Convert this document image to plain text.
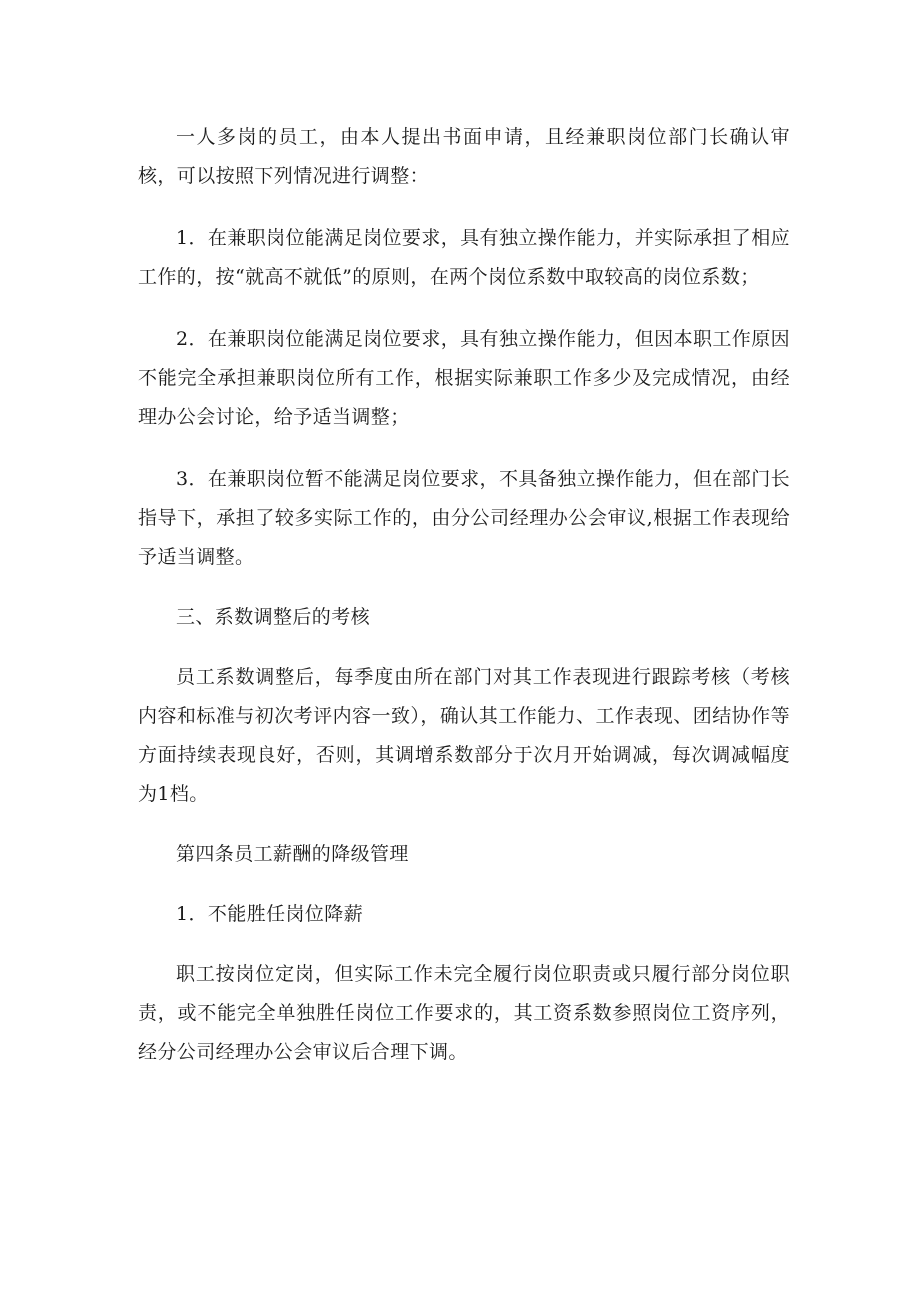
一人多岗的员工，由本人提出书面申请，且经兼职岗位部门长确认审核，可以按照下列情况进行调整：

1．在兼职岗位能满足岗位要求，具有独立操作能力，并实际承担了相应工作的，按“就高不就低”的原则，在两个岗位系数中取较高的岗位系数；

2．在兼职岗位能满足岗位要求，具有独立操作能力，但因本职工作原因不能完全承担兼职岗位所有工作，根据实际兼职工作多少及完成情况，由经理办公会讨论，给予适当调整；

3．在兼职岗位暂不能满足岗位要求，不具备独立操作能力，但在部门长指导下，承担了较多实际工作的，由分公司经理办公会审议,根据工作表现给予适当调整。

三、系数调整后的考核

员工系数调整后，每季度由所在部门对其工作表现进行跟踪考核（考核内容和标准与初次考评内容一致），确认其工作能力、工作表现、团结协作等方面持续表现良好，否则，其调增系数部分于次月开始调减，每次调减幅度为1档。

第四条员工薪酬的降级管理

1．不能胜任岗位降薪

职工按岗位定岗，但实际工作未完全履行岗位职责或只履行部分岗位职责，或不能完全单独胜任岗位工作要求的，其工资系数参照岗位工资序列，经分公司经理办公会审议后合理下调。
